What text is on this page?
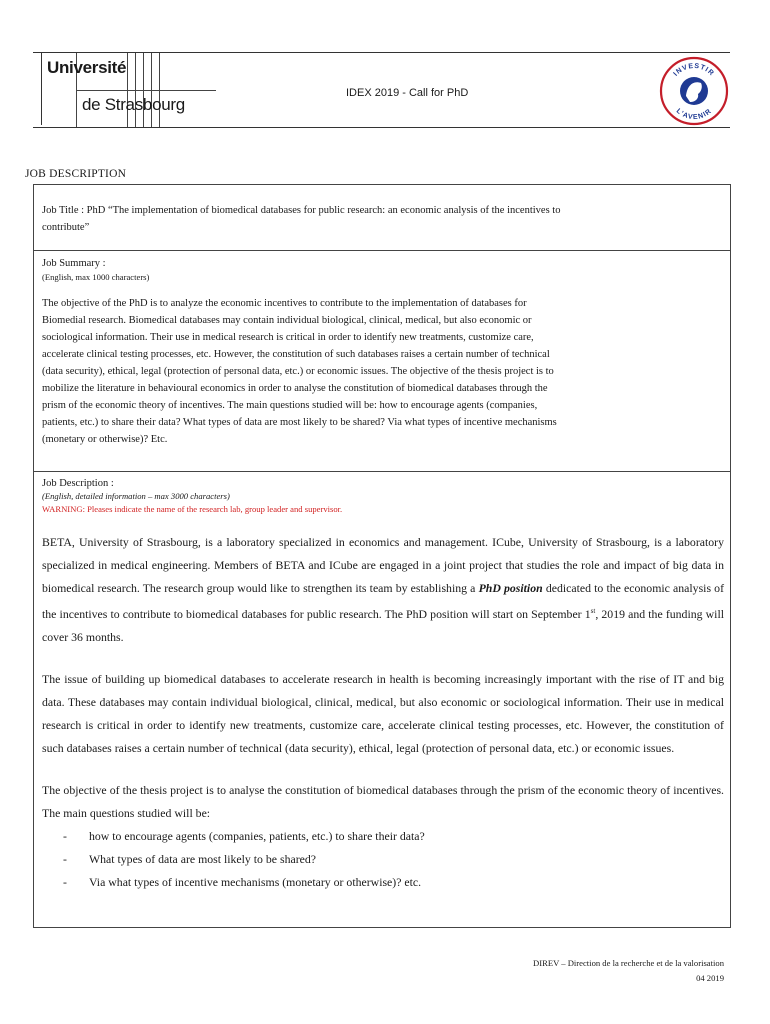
Université
de Strasbourg
IDEX 2019 - Call for PhD
INVESTIR
L'AVENIR
JOB DESCRIPTION
Job Title : PhD “The implementation of biomedical databases for public research: an economic analysis of the incentives to
contribute”
Job Summary :
(English, max 1000 characters)
The objective of the PhD is to analyze the economic incentives to contribute to the implementation of databases for
Biomedial research. Biomedical databases may contain individual biological, clinical, medical, but also economic or
sociological information. Their use in medical research is critical in order to identify new treatments, customize care,
accelerate clinical testing processes, etc. However, the constitution of such databases raises a certain number of technical
(data security), ethical, legal (protection of personal data, etc.) or economic issues. The objective of the thesis project is to
mobilize the literature in behavioural economics in order to analyse the constitution of biomedical databases through the
prism of the economic theory of incentives. The main questions studied will be: how to encourage agents (companies,
patients, etc.) to share their data? What types of data are most likely to be shared? Via what types of incentive mechanisms
(monetary or otherwise)? Etc.
Job Description :
(English, detailed information – max 3000 characters)
WARNING: Pleases indicate the name of the research lab, group leader and supervisor.

BETA, University of Strasbourg, is a laboratory specialized in economics and management. ICube, University of Strasbourg, is a laboratory specialized in medical engineering. Members of BETA and ICube are engaged in a joint project that studies the role and impact of big data in biomedical research. The research group would like to strengthen its team by establishing a PhD position dedicated to the economic analysis of the incentives to contribute to biomedical databases for public research. The PhD position will start on September 1st, 2019 and the funding will cover 36 months.

The issue of building up biomedical databases to accelerate research in health is becoming increasingly important with the rise of IT and big data. These databases may contain individual biological, clinical, medical, but also economic or sociological information. Their use in medical research is critical in order to identify new treatments, customize care, accelerate clinical testing processes, etc. However, the constitution of such databases raises a certain number of technical (data security), ethical, legal (protection of personal data, etc.) or economic issues.

The objective of the thesis project is to analyse the constitution of biomedical databases through the prism of the economic theory of incentives. The main questions studied will be:

- how to encourage agents (companies, patients, etc.) to share their data?
- What types of data are most likely to be shared?
- Via what types of incentive mechanisms (monetary or otherwise)? etc.
DIREV – Direction de la recherche et de la valorisation
04 2019
